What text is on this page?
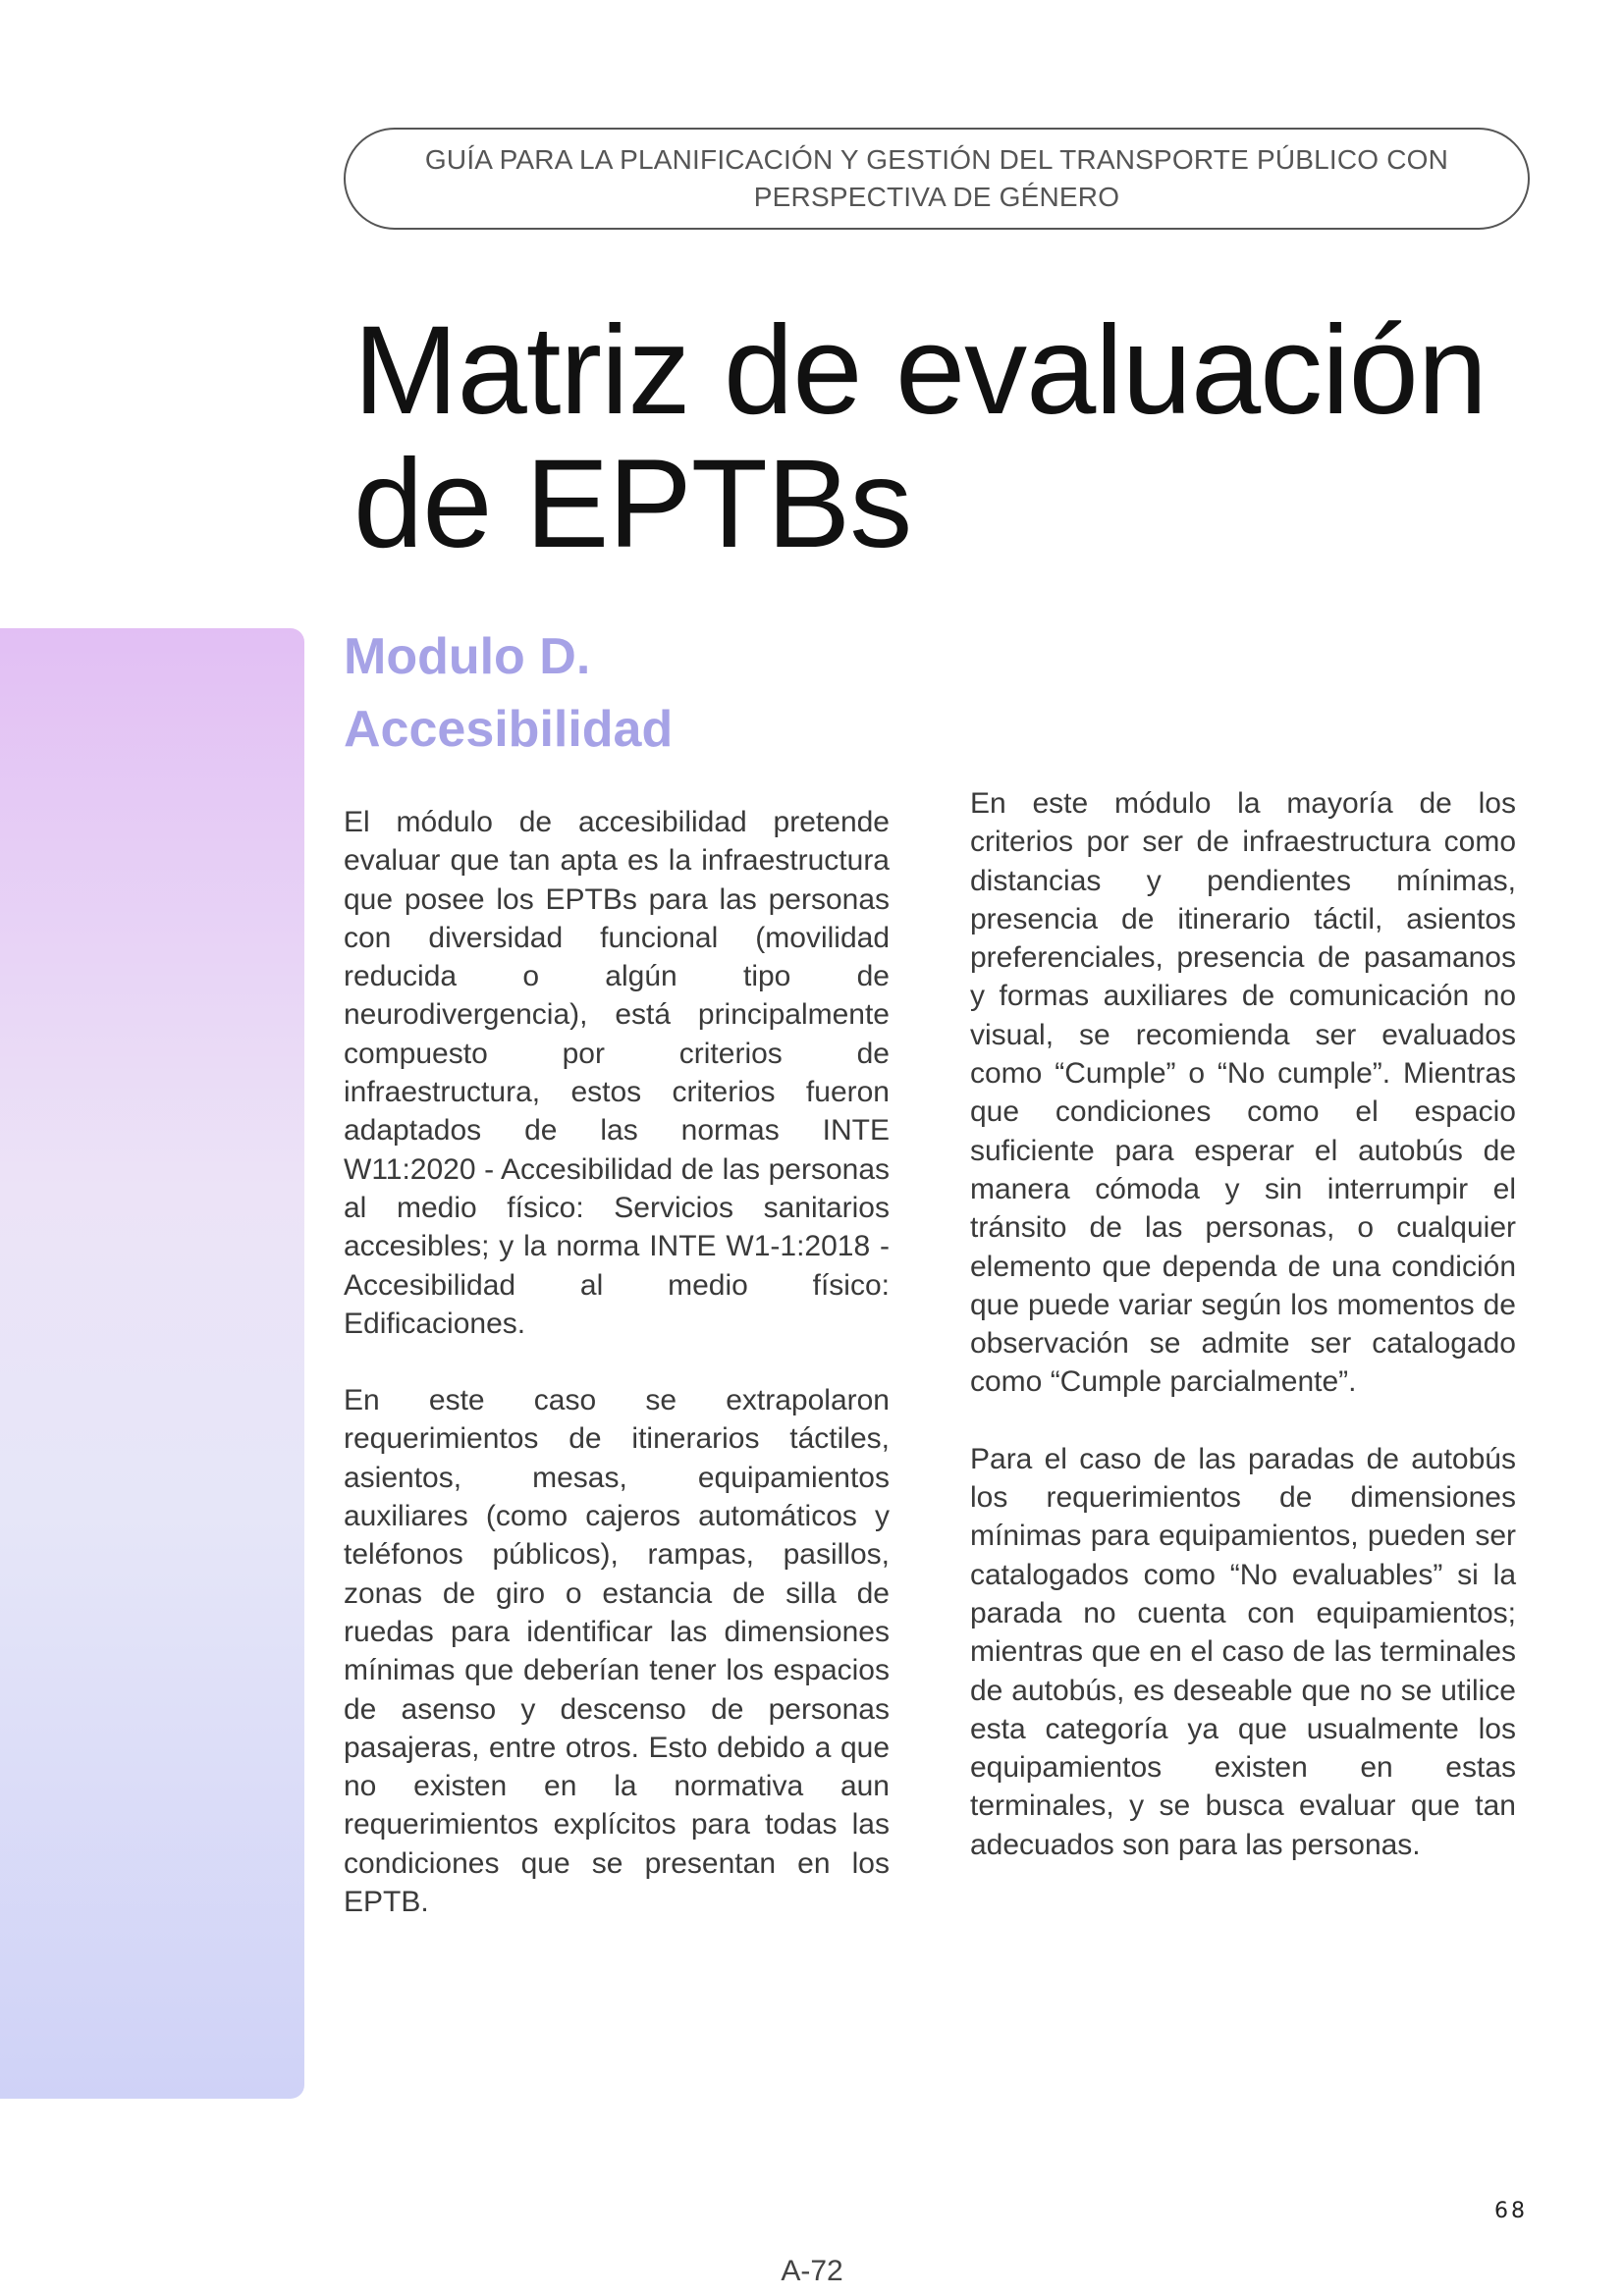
GUÍA PARA LA PLANIFICACIÓN Y GESTIÓN DEL TRANSPORTE PÚBLICO CON
PERSPECTIVA DE GÉNERO
Matriz de evaluación
de EPTBs
Modulo D.
Accesibilidad

El módulo de accesibilidad pretende evaluar que tan apta es la infraestructura que posee los EPTBs para las personas con diversidad funcional (movilidad reducida o algún tipo de neurodivergencia), está principalmente compuesto por criterios de infraestructura, estos criterios fueron adaptados de las normas INTE W11:2020 - Accesibilidad de las personas al medio físico: Servicios sanitarios accesibles; y la norma INTE W1-1:2018 - Accesibilidad al medio físico: Edificaciones.

En este caso se extrapolaron requerimientos de itinerarios táctiles, asientos, mesas, equipamientos auxiliares (como cajeros automáticos y teléfonos públicos), rampas, pasillos, zonas de giro o estancia de silla de ruedas para identificar las dimensiones mínimas que deberían tener los espacios de asenso y descenso de personas pasajeras, entre otros. Esto debido a que no existen en la normativa aun requerimientos explícitos para todas las condiciones que se presentan en los EPTB.

En este módulo la mayoría de los criterios por ser de infraestructura como distancias y pendientes mínimas, presencia de itinerario táctil, asientos preferenciales, presencia de pasamanos y formas auxiliares de comunicación no visual, se recomienda ser evaluados como “Cumple” o “No cumple”. Mientras que condiciones como el espacio suficiente para esperar el autobús de manera cómoda y sin interrumpir el tránsito de las personas, o cualquier elemento que dependa de una condición que puede variar según los momentos de observación se admite ser catalogado como “Cumple parcialmente”.

Para el caso de las paradas de autobús los requerimientos de dimensiones mínimas para equipamientos, pueden ser catalogados como “No evaluables” si la parada no cuenta con equipamientos; mientras que en el caso de las terminales de autobús, es deseable que no se utilice esta categoría ya que usualmente los equipamientos existen en estas terminales, y se busca evaluar que tan adecuados son para las personas.

68
A-72
